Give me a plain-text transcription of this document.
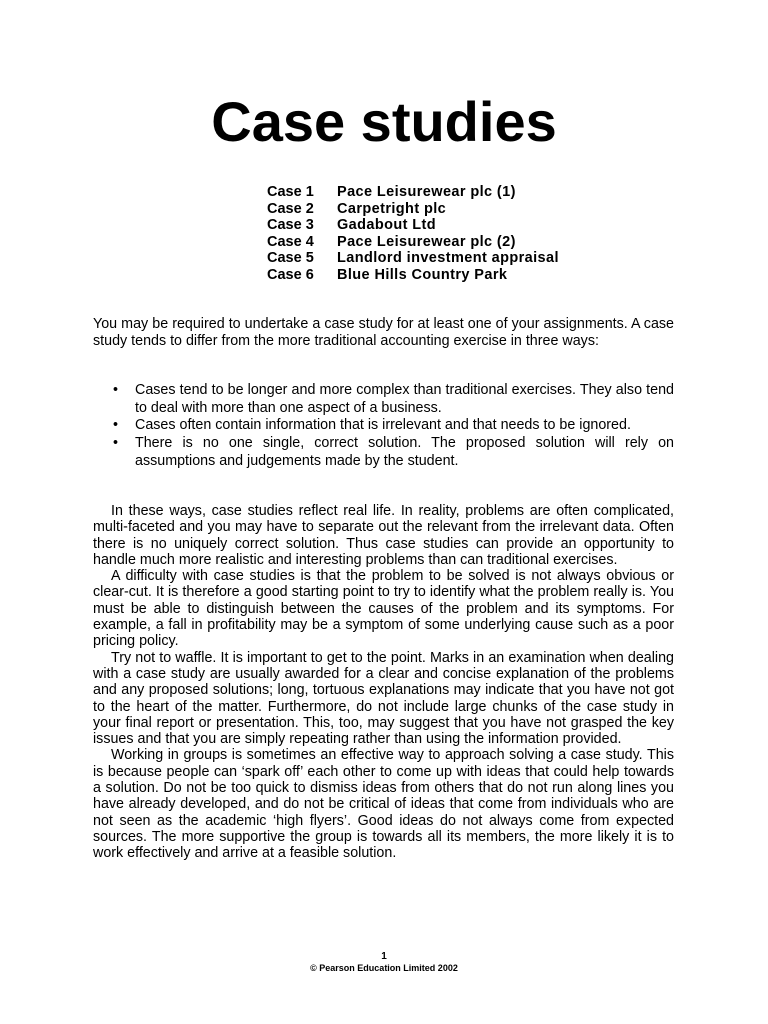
Case studies
Case 1	Pace Leisurewear plc (1)
Case 2	Carpetright plc
Case 3	Gadabout Ltd
Case 4	Pace Leisurewear plc (2)
Case 5	Landlord investment appraisal
Case 6	Blue Hills Country Park

You may be required to undertake a case study for at least one of your assignments. A case study tends to differ from the more traditional accounting exercise in three ways:

•	Cases tend to be longer and more complex than traditional exercises. They also tend to deal with more than one aspect of a business.
•	Cases often contain information that is irrelevant and that needs to be ignored.
•	There is no one single, correct solution. The proposed solution will rely on assumptions and judgements made by the student.

In these ways, case studies reflect real life. In reality, problems are often complicated, multi-faceted and you may have to separate out the relevant from the irrelevant data. Often there is no uniquely correct solution. Thus case studies can provide an opportunity to handle much more realistic and interesting problems than can traditional exercises.

A difficulty with case studies is that the problem to be solved is not always obvious or clear-cut. It is therefore a good starting point to try to identify what the problem really is. You must be able to distinguish between the causes of the problem and its symptoms. For example, a fall in profitability may be a symptom of some underlying cause such as a poor pricing policy.

Try not to waffle. It is important to get to the point. Marks in an examination when dealing with a case study are usually awarded for a clear and concise explanation of the problems and any proposed solutions; long, tortuous explanations may indicate that you have not got to the heart of the matter. Furthermore, do not include large chunks of the case study in your final report or presentation. This, too, may suggest that you have not grasped the key issues and that you are simply repeating rather than using the information provided.

Working in groups is sometimes an effective way to approach solving a case study. This is because people can ‘spark off’ each other to come up with ideas that could help towards a solution. Do not be too quick to dismiss ideas from others that do not run along lines you have already developed, and do not be critical of ideas that come from individuals who are not seen as the academic ‘high flyers’. Good ideas do not always come from expected sources. The more supportive the group is towards all its members, the more likely it is to work effectively and arrive at a feasible solution.

1
© Pearson Education Limited 2002
